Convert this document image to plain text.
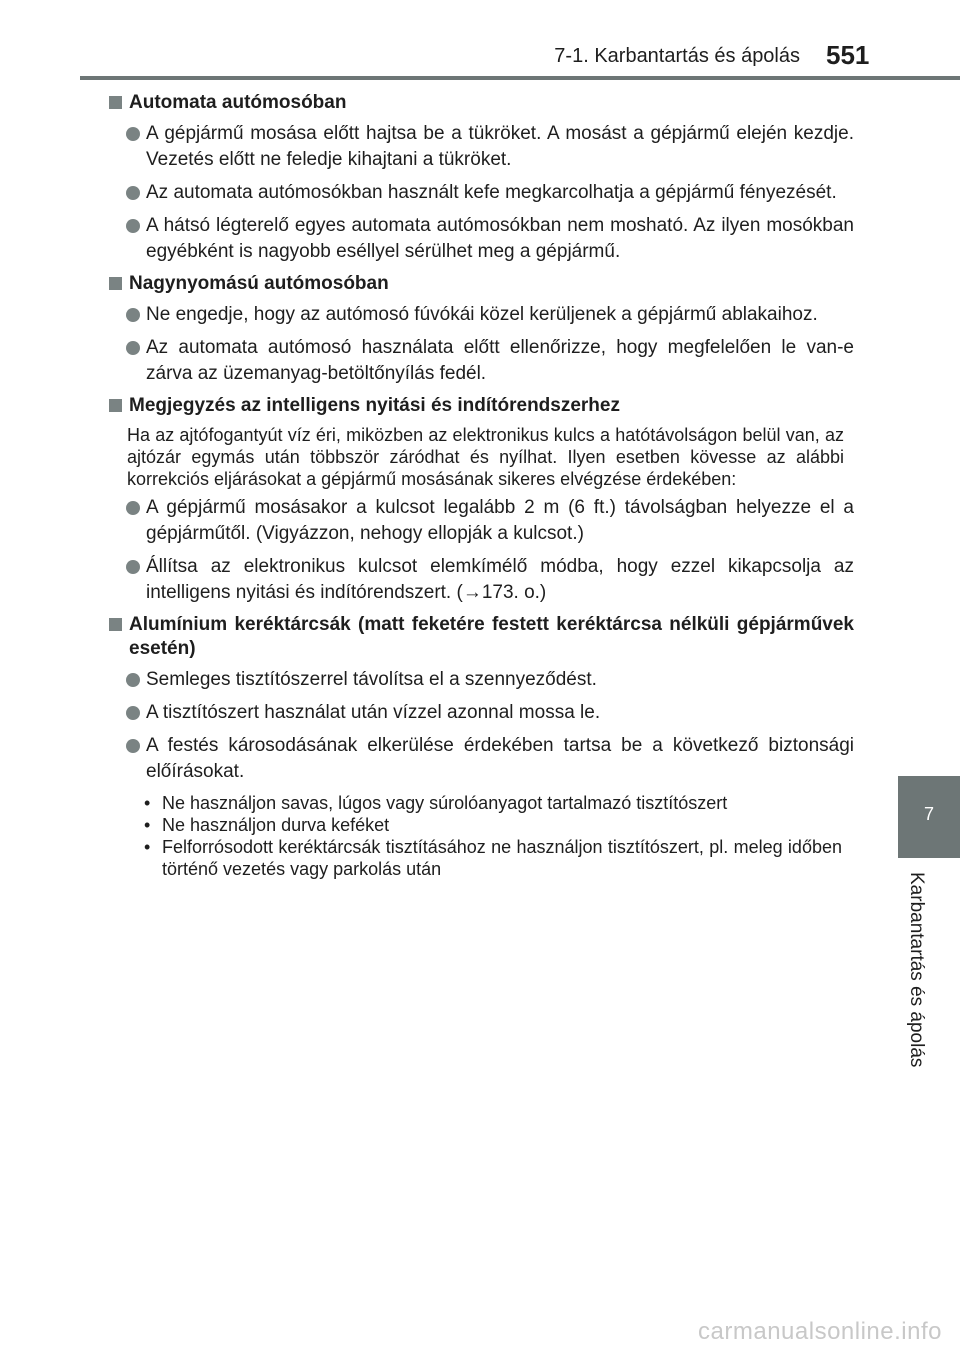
7-1. Karbantartás és ápolás 551
7
Karbantartás és ápolás
Automata autómosóban
A gépjármű mosása előtt hajtsa be a tükröket. A mosást a gépjármű elején kezdje. Vezetés előtt ne feledje kihajtani a tükröket.
Az automata autómosókban használt kefe megkarcolhatja a gépjármű fényezését.
A hátsó légterelő egyes automata autómosókban nem mosható. Az ilyen mosókban egyébként is nagyobb eséllyel sérülhet meg a gépjármű.
Nagynyomású autómosóban
Ne engedje, hogy az autómosó fúvókái közel kerüljenek a gépjármű ablakaihoz.
Az automata autómosó használata előtt ellenőrizze, hogy megfelelően le van-e zárva az üzemanyag-betöltőnyílás fedél.
Megjegyzés az intelligens nyitási és indítórendszerhez
Ha az ajtófogantyút víz éri, miközben az elektronikus kulcs a hatótávolságon belül van, az ajtózár egymás után többször záródhat és nyílhat. Ilyen esetben kövesse az alábbi korrekciós eljárásokat a gépjármű mosásának sikeres elvégzése érdekében:
A gépjármű mosásakor a kulcsot legalább 2 m (6 ft.) távolságban helyezze el a gépjárműtől. (Vigyázzon, nehogy ellopják a kulcsot.)
Állítsa az elektronikus kulcsot elemkímélő módba, hogy ezzel kikapcsolja az intelligens nyitási és indítórendszert. (→173. o.)
Alumínium keréktárcsák (matt feketére festett keréktárcsa nélküli gépjárművek esetén)
Semleges tisztítószerrel távolítsa el a szennyeződést.
A tisztítószert használat után vízzel azonnal mossa le.
A festés károsodásának elkerülése érdekében tartsa be a következő biztonsági előírásokat.
• Ne használjon savas, lúgos vagy súrolóanyagot tartalmazó tisztítószert
• Ne használjon durva keféket
• Felforrósodott keréktárcsák tisztításához ne használjon tisztítószert, pl. meleg időben történő vezetés vagy parkolás után
carmanualsonline.info
